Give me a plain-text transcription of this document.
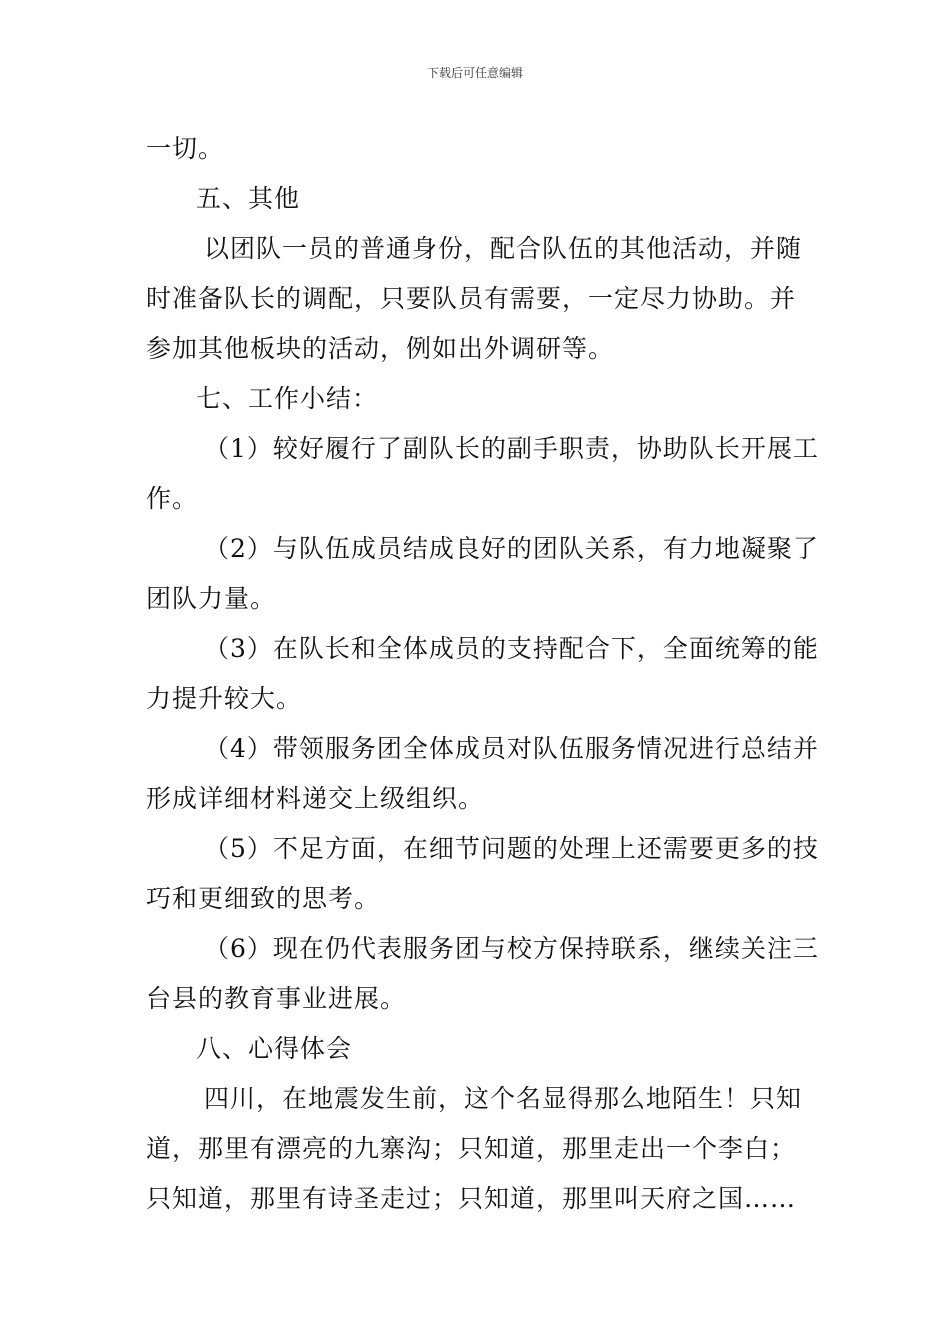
下载后可任意编辑
一切。
五、其他
以团队一员的普通身份，配合队伍的其他活动，并随
时准备队长的调配，只要队员有需要，一定尽力协助。并
参加其他板块的活动，例如出外调研等。
七、工作小结：
（1）较好履行了副队长的副手职责，协助队长开展工
作。
（2）与队伍成员结成良好的团队关系，有力地凝聚了
团队力量。
（3）在队长和全体成员的支持配合下，全面统筹的能
力提升较大。
（4）带领服务团全体成员对队伍服务情况进行总结并
形成详细材料递交上级组织。
（5）不足方面，在细节问题的处理上还需要更多的技
巧和更细致的思考。
（6）现在仍代表服务团与校方保持联系，继续关注三
台县的教育事业进展。
八、心得体会
四川，在地震发生前，这个名显得那么地陌生！只知
道，那里有漂亮的九寨沟；只知道，那里走出一个李白；
只知道，那里有诗圣走过；只知道，那里叫天府之国……
